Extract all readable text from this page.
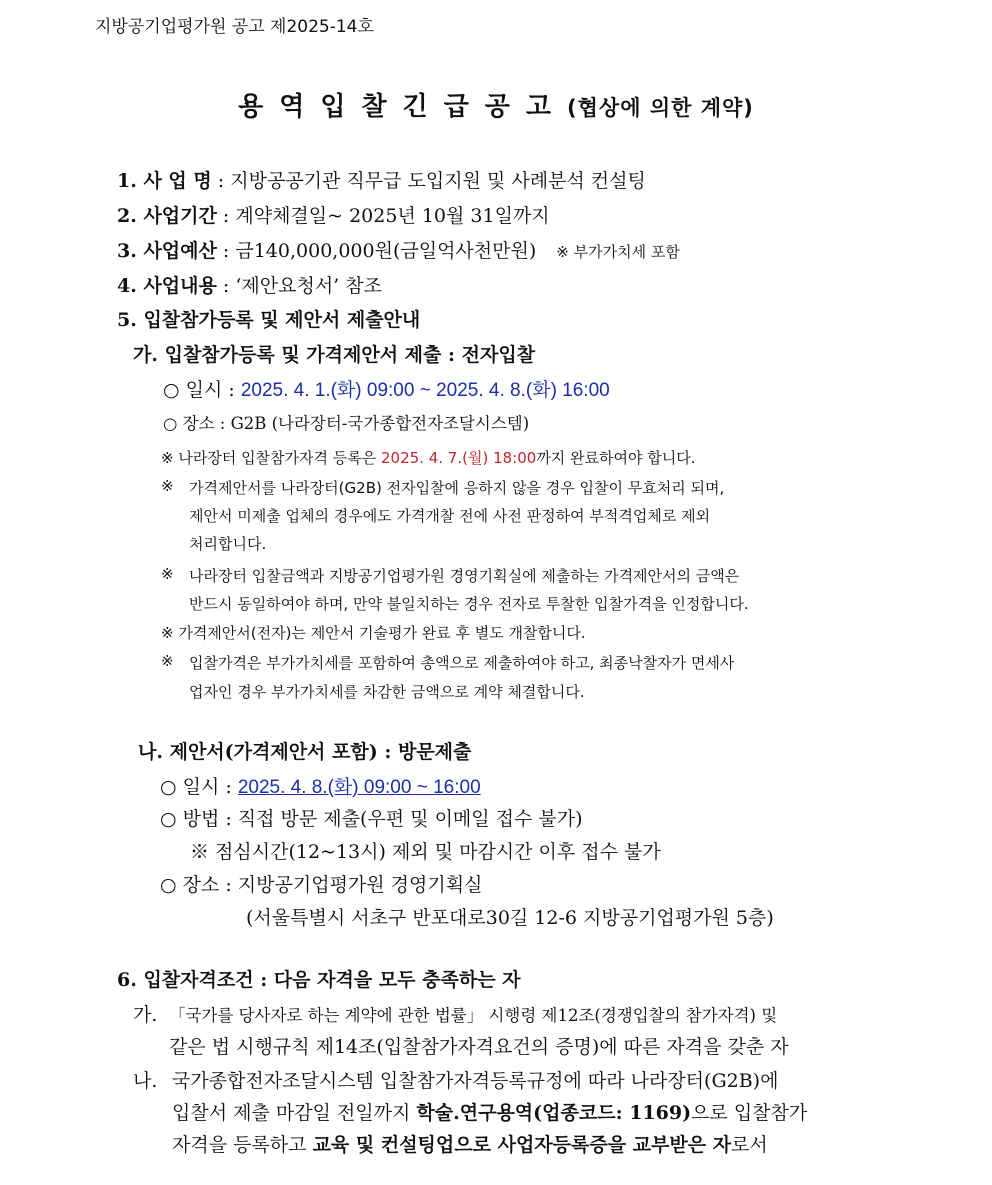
지방공기업평가원 공고 제2025-14호
용역입찰긴급공고(협상에 의한 계약)
1. 사 업 명 : 지방공공기관 직무급 도입지원 및 사례분석 컨설팅
2. 사업기간 : 계약체결일~ 2025년 10월 31일까지
3. 사업예산 : 금140,000,000원(금일억사천만원) ※ 부가가치세 포함
4. 사업내용 : ‘제안요청서’ 참조
5. 입찰참가등록 및 제안서 제출안내
가. 입찰참가등록 및 가격제안서 제출 : 전자입찰
○ 일시 : 2025. 4. 1.(화) 09:00 ~ 2025. 4. 8.(화) 16:00
○ 장소 : G2B (나라장터-국가종합전자조달시스템)
※ 나라장터 입찰참가자격 등록은 2025. 4. 7.(월) 18:00까지 완료하여야 합니다.
※ 가격제안서를 나라장터(G2B) 전자입찰에 응하지 않을 경우 입찰이 무효처리 되며,
제안서 미제출 업체의 경우에도 가격개찰 전에 사전 판정하여 부적격업체로 제외
처리합니다.
※ 나라장터 입찰금액과 지방공기업평가원 경영기획실에 제출하는 가격제안서의 금액은
반드시 동일하여야 하며, 만약 불일치하는 경우 전자로 투찰한 입찰가격을 인정합니다.
※ 가격제안서(전자)는 제안서 기술평가 완료 후 별도 개찰합니다.
※ 입찰가격은 부가가치세를 포함하여 총액으로 제출하여야 하고, 최종낙찰자가 면세사
업자인 경우 부가가치세를 차감한 금액으로 계약 체결합니다.
나. 제안서(가격제안서 포함) : 방문제출
○ 일시 : 2025. 4. 8.(화) 09:00 ~ 16:00
○ 방법 : 직접 방문 제출(우편 및 이메일 접수 불가)
※ 점심시간(12~13시) 제외 및 마감시간 이후 접수 불가
○ 장소 : 지방공기업평가원 경영기획실
(서울특별시 서초구 반포대로30길 12-6 지방공기업평가원 5층)
6. 입찰자격조건 : 다음 자격을 모두 충족하는 자
가. 「국가를 당사자로 하는 계약에 관한 법률」 시행령 제12조(경쟁입찰의 참가자격) 및
같은 법 시행규칙 제14조(입찰참가자격요건의 증명)에 따른 자격을 갖춘 자
나. 국가종합전자조달시스템 입찰참가자격등록규정에 따라 나라장터(G2B)에
입찰서 제출 마감일 전일까지 학술.연구용역(업종코드: 1169)으로 입찰참가
자격을 등록하고 교육 및 컨설팅업으로 사업자등록증을 교부받은 자로서
